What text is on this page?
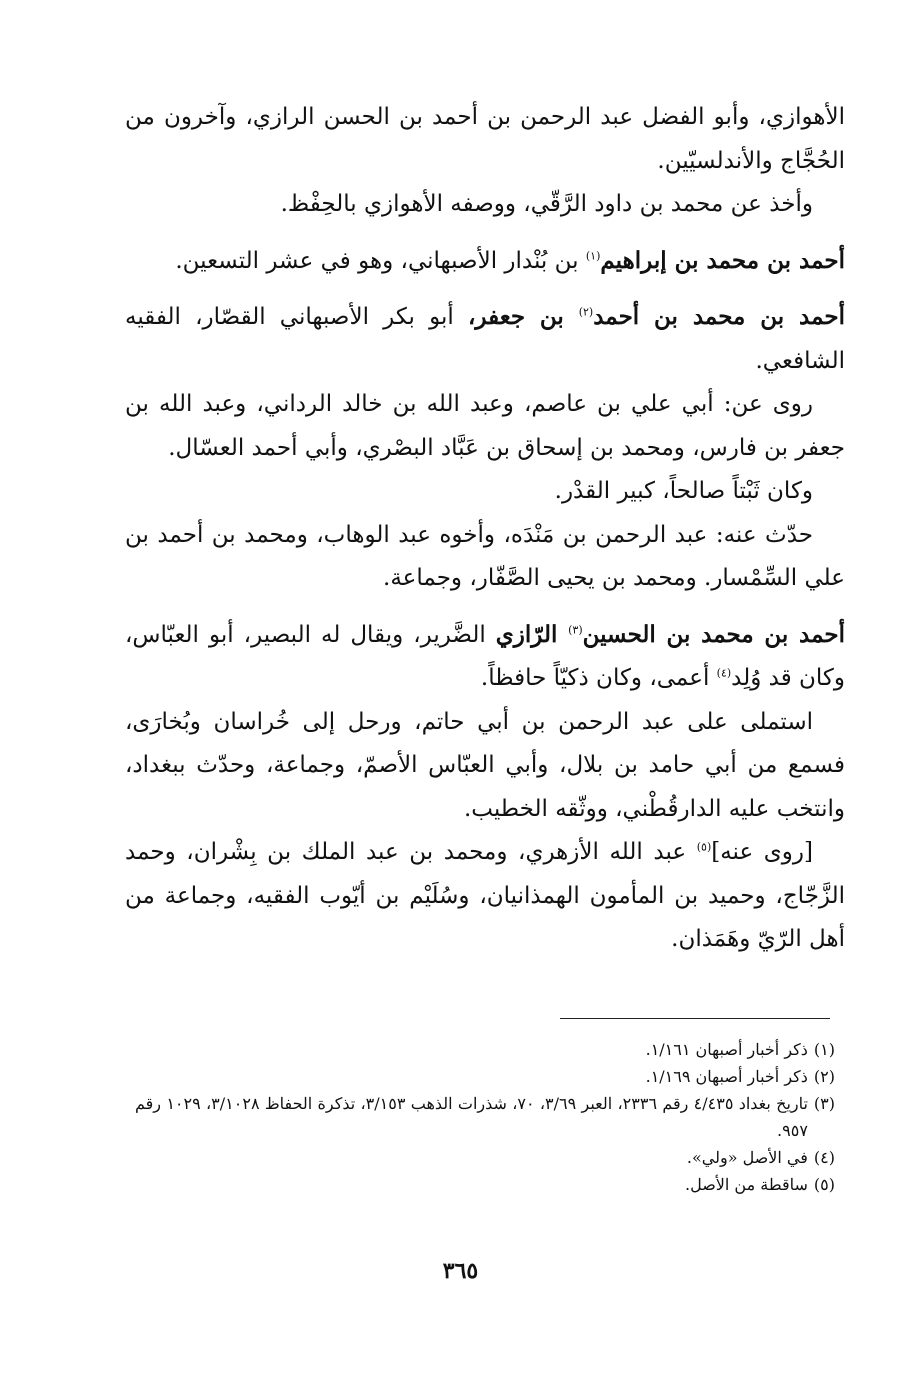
الأهوازي، وأبو الفضل عبد الرحمن بن أحمد بن الحسن الرازي، وآخرون من الحُجَّاج والأندلسيّين.

وأخذ عن محمد بن داود الرَّقّي، ووصفه الأهوازي بالحِفْظ.

أحمد بن محمد بن إبراهيم$^{(١)}$ بن بُنْدار الأصبهاني، وهو في عشر التسعين.

أحمد بن محمد بن أحمد$^{(٢)}$ بن جعفر، أبو بكر الأصبهاني القصّار، الفقيه الشافعي.

روى عن: أبي علي بن عاصم، وعبد الله بن خالد الرداني، وعبد الله بن جعفر بن فارس، ومحمد بن إسحاق بن عَبَّاد البصْري، وأبي أحمد العسّال.

وكان ثَبْتاً صالحاً، كبير القدْر.

حدّث عنه: عبد الرحمن بن مَنْدَه، وأخوه عبد الوهاب، ومحمد بن أحمد بن علي السِّمْسار. ومحمد بن يحيى الصَّفّار، وجماعة.

أحمد بن محمد بن الحسين$^{(٣)}$ الرّازي الضَّرير، ويقال له البصير، أبو العبّاس، وكان قد وُلِد$^{(٤)}$ أعمى، وكان ذكيّاً حافظاً.

استملى على عبد الرحمن بن أبي حاتم، ورحل إلى خُراسان وبُخارَى، فسمع من أبي حامد بن بلال، وأبي العبّاس الأصمّ، وجماعة، وحدّث ببغداد، وانتخب عليه الدارقُطْني، ووثّقه الخطيب.

[روى عنه]$^{(٥)}$ عبد الله الأزهري، ومحمد بن عبد الملك بن بِشْران، وحمد الزَّجّاج، وحميد بن المأمون الهمذانيان، وسُلَيْم بن أيّوب الفقيه، وجماعة من أهل الرّيّ وهَمَذان.

(١)
ذكر أخبار أصبهان ١/١٦١.
(٢)
ذكر أخبار أصبهان ١/١٦٩.
(٣)
تاريخ بغداد ٤/٤٣٥ رقم ٢٣٣٦، العبر ٣/٦٩، ٧٠، شذرات الذهب ٣/١٥٣، تذكرة الحفاظ ٣/١٠٢٨، ١٠٢٩ رقم ٩٥٧.
(٤)
في الأصل «ولي».
(٥)
ساقطة من الأصل.
٣٦٥
